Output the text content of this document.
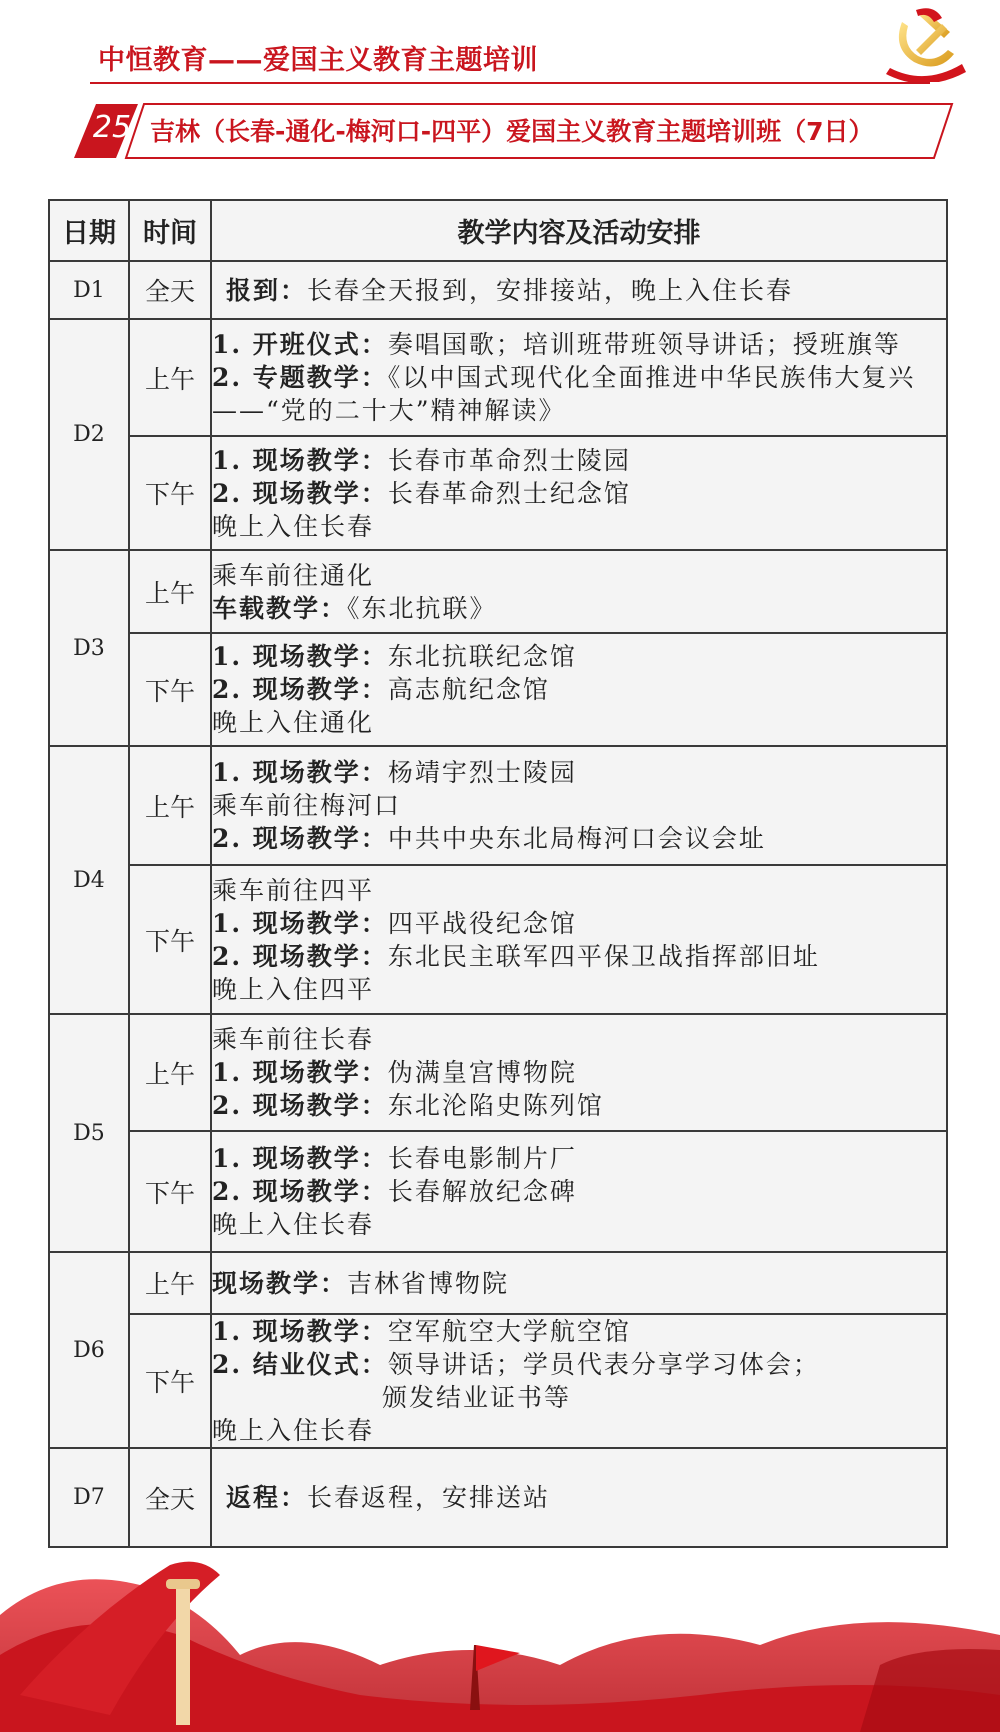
中恒教育——爱国主义教育主题培训
25 吉林（长春-通化-梅河口-四平）爱国主义教育主题培训班（7日）
日期	时间	教学内容及活动安排
D1	全天	报到：长春全天报到，安排接站，晚上入住长春

D2	上午	1. 开班仪式：奏唱国歌；培训班带班领导讲话；授班旗等
2. 专题教学：《以中国式现代化全面推进中华民族伟大复兴——“党的二十大”精神解读》

	下午	1. 现场教学：长春市革命烈士陵园
2. 现场教学：长春革命烈士纪念馆
晚上入住长春

D3	上午	乘车前往通化
车载教学：《东北抗联》

	下午	1. 现场教学：东北抗联纪念馆
2. 现场教学：高志航纪念馆
晚上入住通化

D4	上午	1. 现场教学：杨靖宇烈士陵园
乘车前往梅河口
2. 现场教学：中共中央东北局梅河口会议会址

	下午	乘车前往四平
1. 现场教学：四平战役纪念馆
2. 现场教学：东北民主联军四平保卫战指挥部旧址
晚上入住四平

D5	上午	乘车前往长春
1. 现场教学：伪满皇宫博物院
2. 现场教学：东北沦陷史陈列馆

	下午	1. 现场教学：长春电影制片厂
2. 现场教学：长春解放纪念碑
晚上入住长春

D6	上午	现场教学：吉林省博物院

	下午	1. 现场教学：空军航空大学航空馆
2. 结业仪式：领导讲话；学员代表分享学习体会；
颁发结业证书等
晚上入住长春

D7	全天	返程：长春返程，安排送站
